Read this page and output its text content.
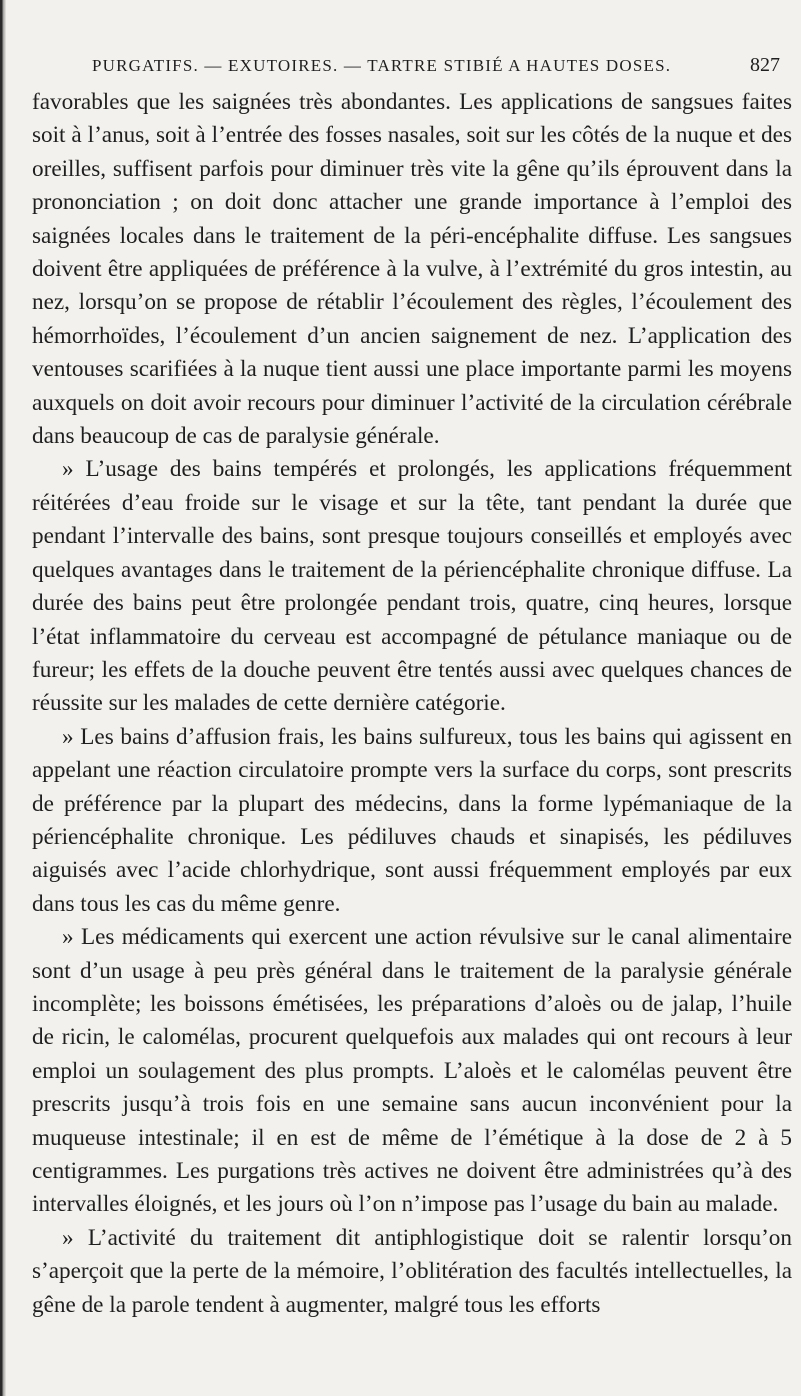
PURGATIFS. — EXUTOIRES. — TARTRE STIBIÉ A HAUTES DOSES.	827

favorables que les saignées très abondantes. Les applications de sangsues faites soit à l’anus, soit à l’entrée des fosses nasales, soit sur les côtés de la nuque et des oreilles, suffisent parfois pour diminuer très vite la gêne qu’ils éprouvent dans la prononciation ; on doit donc attacher une grande importance à l’emploi des saignées locales dans le traitement de la péri-encéphalite diffuse. Les sangsues doivent être appliquées de préférence à la vulve, à l’extrémité du gros intestin, au nez, lorsqu’on se propose de rétablir l’écoulement des règles, l’écoulement des hémorrhoïdes, l’écoulement d’un ancien saignement de nez. L’application des ventouses scarifiées à la nuque tient aussi une place importante parmi les moyens auxquels on doit avoir recours pour diminuer l’activité de la circulation cérébrale dans beaucoup de cas de paralysie générale.

» L’usage des bains tempérés et prolongés, les applications fréquemment réitérées d’eau froide sur le visage et sur la tête, tant pendant la durée que pendant l’intervalle des bains, sont presque toujours conseillés et employés avec quelques avantages dans le traitement de la périencéphalite chronique diffuse. La durée des bains peut être prolongée pendant trois, quatre, cinq heures, lorsque l’état inflammatoire du cerveau est accompagné de pétulance maniaque ou de fureur; les effets de la douche peuvent être tentés aussi avec quelques chances de réussite sur les malades de cette dernière catégorie.

» Les bains d’affusion frais, les bains sulfureux, tous les bains qui agissent en appelant une réaction circulatoire prompte vers la surface du corps, sont prescrits de préférence par la plupart des médecins, dans la forme lypémaniaque de la périencéphalite chronique. Les pédiluves chauds et sinapisés, les pédiluves aiguisés avec l’acide chlorhydrique, sont aussi fréquemment employés par eux dans tous les cas du même genre.

» Les médicaments qui exercent une action révulsive sur le canal alimentaire sont d’un usage à peu près général dans le traitement de la paralysie générale incomplète; les boissons émétisées, les préparations d’aloès ou de jalap, l’huile de ricin, le calomélas, procurent quelquefois aux malades qui ont recours à leur emploi un soulagement des plus prompts. L’aloès et le calomélas peuvent être prescrits jusqu’à trois fois en une semaine sans aucun inconvénient pour la muqueuse intestinale; il en est de même de l’émétique à la dose de 2 à 5 centigrammes. Les purgations très actives ne doivent être administrées qu’à des intervalles éloignés, et les jours où l’on n’impose pas l’usage du bain au malade.

» L’activité du traitement dit antiphlogistique doit se ralentir lorsqu’on s’aperçoit que la perte de la mémoire, l’oblitération des facultés intellectuelles, la gêne de la parole tendent à augmenter, malgré tous les efforts
